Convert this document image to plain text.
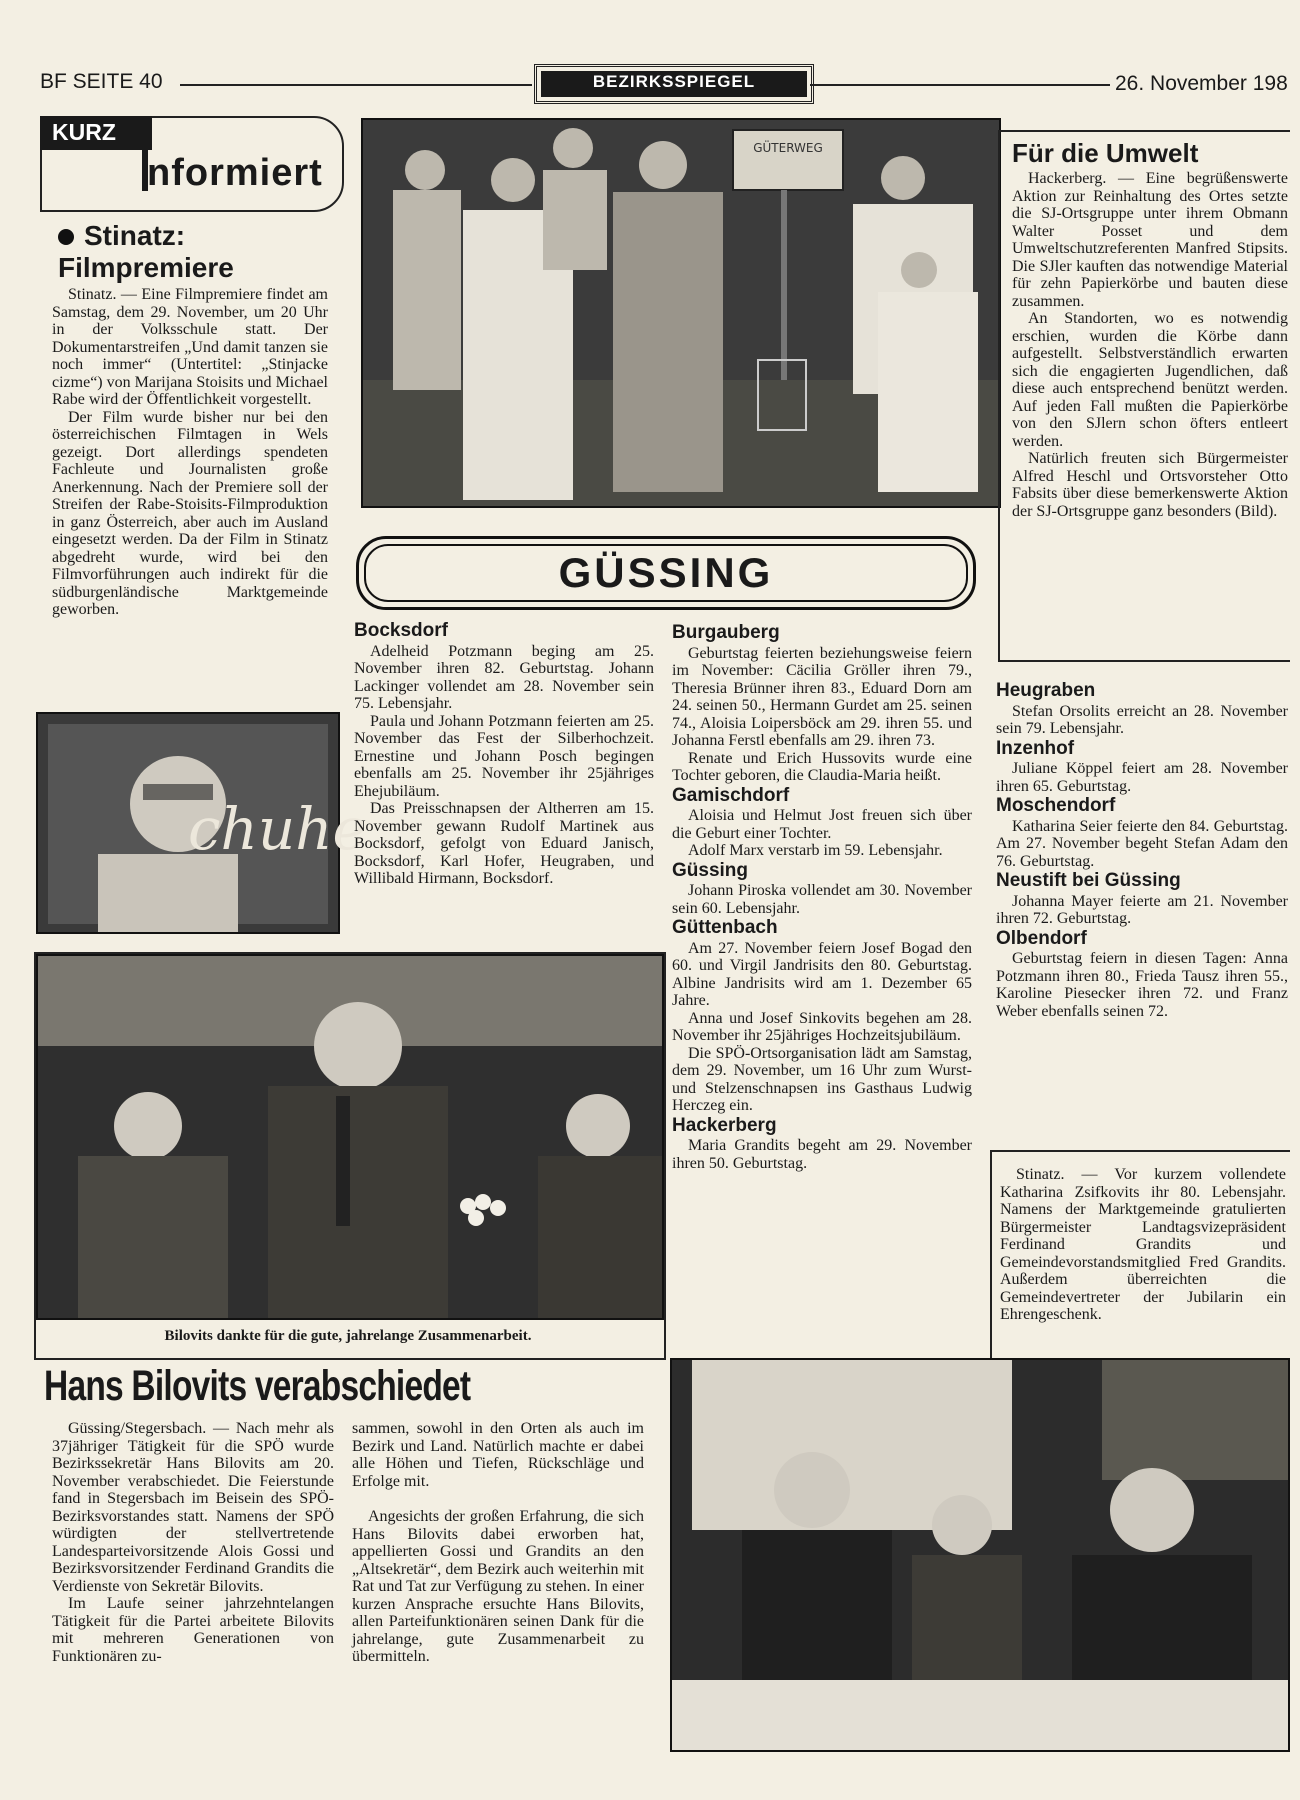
BF SEITE 40	BEZIRKSSPIEGEL	26. November 198
KURZ
nformiert
Stinatz:
Filmpremiere

Stinatz. — Eine Filmpremiere findet am Samstag, dem 29. November, um 20 Uhr in der Volksschule statt. Der Dokumentarstreifen „Und damit tanzen sie noch immer“ (Untertitel: „Stinjacke cizme“) von Marijana Stoisits und Michael Rabe wird der Öffentlichkeit vorgestellt.

Der Film wurde bisher nur bei den österreichischen Filmtagen in Wels gezeigt. Dort allerdings spendeten Fachleute und Journalisten große Anerkennung. Nach der Premiere soll der Streifen der Rabe-Stoisits-Filmproduktion in ganz Österreich, aber auch im Ausland eingesetzt werden. Da der Film in Stinatz abgedreht wurde, wird bei den Filmvorführungen auch indirekt für die südburgenländische Marktgemeinde geworben.

chuhe
GÜTERWEG	Für die Umwelt

Hackerberg. — Eine begrüßenswerte Aktion zur Reinhaltung des Ortes setzte die SJ-Ortsgruppe unter ihrem Obmann Walter Posset und dem Umweltschutzreferenten Manfred Stipsits. Die SJler kauften das notwendige Material für zehn Papierkörbe und bauten diese zusammen.

An Standorten, wo es notwendig erschien, wurden die Körbe dann aufgestellt. Selbstverständlich erwarten sich die engagierten Jugendlichen, daß diese auch entsprechend benützt werden. Auf jeden Fall mußten die Papierkörbe von den SJlern schon öfters entleert werden.

Natürlich freuten sich Bürgermeister Alfred Heschl und Ortsvorsteher Otto Fabsits über diese bemerkenswerte Aktion der SJ-Ortsgruppe ganz besonders (Bild).

GÜSSING
Bocksdorf

Adelheid Potzmann beging am 25. November ihren 82. Geburtstag. Johann Lackinger vollendet am 28. November sein 75. Lebensjahr.

Paula und Johann Potzmann feierten am 25. November das Fest der Silberhochzeit. Ernestine und Johann Posch begingen ebenfalls am 25. November ihr 25jähriges Ehejubiläum.

Das Preisschnapsen der Altherren am 15. November gewann Rudolf Martinek aus Bocksdorf, gefolgt von Eduard Janisch, Bocksdorf, Karl Hofer, Heugraben, und Willibald Hirmann, Bocksdorf.

Burgauberg

Geburtstag feierten beziehungsweise feiern im November: Cäcilia Gröller ihren 79., Theresia Brünner ihren 83., Eduard Dorn am 24. seinen 50., Hermann Gurdet am 25. seinen 74., Aloisia Loipersböck am 29. ihren 55. und Johanna Ferstl ebenfalls am 29. ihren 73.

Renate und Erich Hussovits wurde eine Tochter geboren, die Claudia-Maria heißt.

Gamischdorf

Aloisia und Helmut Jost freuen sich über die Geburt einer Tochter.

Adolf Marx verstarb im 59. Lebensjahr.

Güssing

Johann Piroska vollendet am 30. November sein 60. Lebensjahr.

Güttenbach

Am 27. November feiern Josef Bogad den 60. und Virgil Jandrisits den 80. Geburtstag. Albine Jandrisits wird am 1. Dezember 65 Jahre.

Anna und Josef Sinkovits begehen am 28. November ihr 25jähriges Hochzeitsjubiläum.

Die SPÖ-Ortsorganisation lädt am Samstag, dem 29. November, um 16 Uhr zum Wurst- und Stelzenschnapsen ins Gasthaus Ludwig Herczeg ein.

Hackerberg

Maria Grandits begeht am 29. November ihren 50. Geburtstag.

Heugraben

Stefan Orsolits erreicht an 28. November sein 79. Lebensjahr.

Inzenhof

Juliane Köppel feiert am 28. November ihren 65. Geburtstag.

Moschendorf

Katharina Seier feierte den 84. Geburtstag. Am 27. November begeht Stefan Adam den 76. Geburtstag.

Neustift bei Güssing

Johanna Mayer feierte am 21. November ihren 72. Geburtstag.

Olbendorf

Geburtstag feiern in diesen Tagen: Anna Potzmann ihren 80., Frieda Tausz ihren 55., Karoline Piesecker ihren 72. und Franz Weber ebenfalls seinen 72.

Stinatz. — Vor kurzem vollendete Katharina Zsifkovits ihr 80. Lebensjahr. Namens der Marktgemeinde gratulierten Bürgermeister Landtagsvizepräsident Ferdinand Grandits und Gemeindevorstandsmitglied Fred Grandits. Außerdem überreichten die Gemeindevertreter der Jubilarin ein Ehrengeschenk.

Bilovits dankte für die gute, jahrelange Zusammenarbeit.
Hans Bilovits verabschiedet

Güssing/Stegersbach. — Nach mehr als 37jähriger Tätigkeit für die SPÖ wurde Bezirkssekretär Hans Bilovits am 20. November verabschiedet. Die Feierstunde fand in Stegersbach im Beisein des SPÖ-Bezirksvorstandes statt. Namens der SPÖ würdigten der stellvertretende Landesparteivorsitzende Alois Gossi und Bezirksvorsitzender Ferdinand Grandits die Verdienste von Sekretär Bilovits.

Im Laufe seiner jahrzehntelangen Tätigkeit für die Partei arbeitete Bilovits mit mehreren Generationen von Funktionären zu-

sammen, sowohl in den Orten als auch im Bezirk und Land. Natürlich machte er dabei alle Höhen und Tiefen, Rückschläge und Erfolge mit.

Angesichts der großen Erfahrung, die sich Hans Bilovits dabei erworben hat, appellierten Gossi und Grandits an den „Altsekretär“, dem Bezirk auch weiterhin mit Rat und Tat zur Verfügung zu stehen. In einer kurzen Ansprache ersuchte Hans Bilovits, allen Parteifunktionären seinen Dank für die jahrelange, gute Zusammenarbeit zu übermitteln.
